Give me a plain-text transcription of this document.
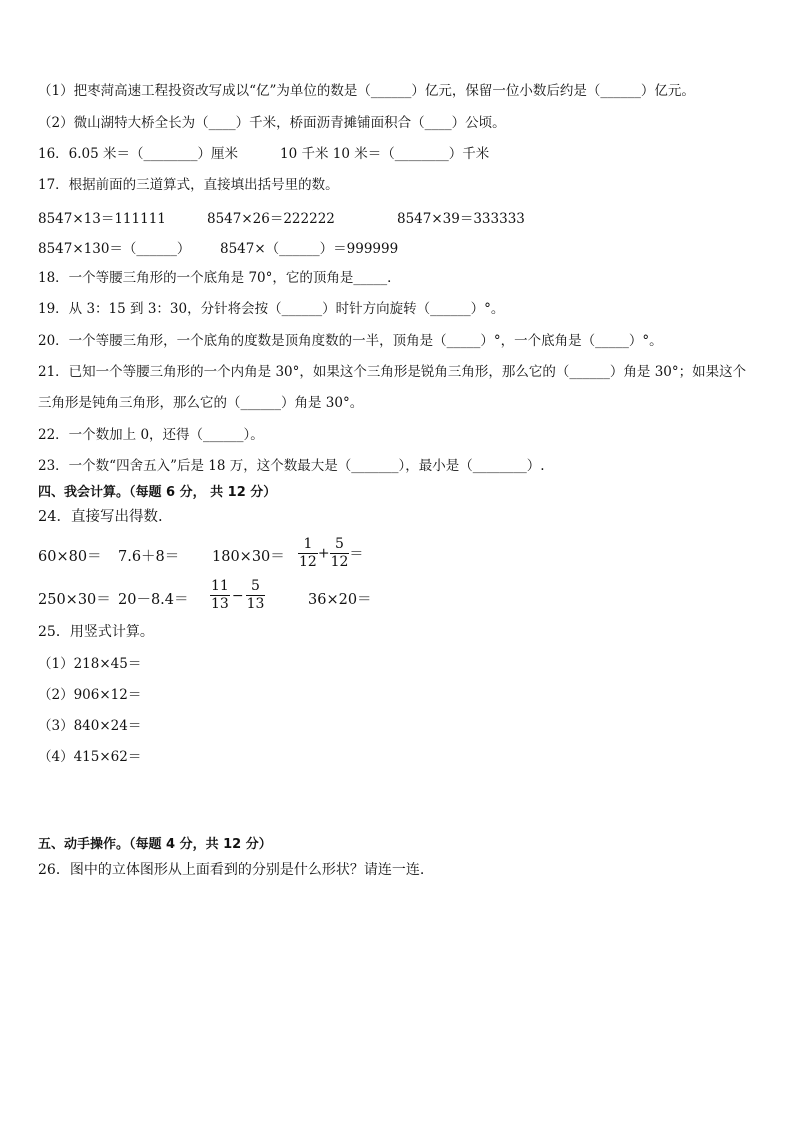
（1）把枣菏高速工程投资改写成以“亿”为单位的数是（______）亿元，保留一位小数后约是（______）亿元。
（2）微山湖特大桥全长为（____）千米，桥面沥青摊铺面积合（____）公顷。
16．6.05 米＝（________）厘米	10 千米 10 米＝（________）千米
17．根据前面的三道算式，直接填出括号里的数。
8547×13＝111111	8547×26＝222222	8547×39＝333333
8547×130＝（______） 8547×（______）＝999999
18．一个等腰三角形的一个底角是 70°，它的顶角是_____．
19．从 3：15 到 3：30，分针将会按（______）时针方向旋转（______）°。
20．一个等腰三角形，一个底角的度数是顶角度数的一半，顶角是（_____）°，一个底角是（_____）°。
21．已知一个等腰三角形的一个内角是 30°，如果这个三角形是锐角三角形，那么它的（______）角是 30°；如果这个
三角形是钝角三角形，那么它的（______）角是 30°。
22．一个数加上 0，还得（______）。
23．一个数“四舍五入”后是 18 万，这个数最大是（_______），最小是（________）.
四、我会计算。（每题 6 分， 共 12 分）
24．直接写出得数.
$60\times 80= 7.6+8= 180\times 30= \frac{1}{12} + \frac{5}{12}$ ＝
$250\times 30= 20-8.4= \frac{11}{13} - \frac{5}{13}$	36×20＝
25．用竖式计算。
（1）218×45＝
（2）906×12＝
（3）840×24＝
（4）415×62＝
五、动手操作。（每题 4 分，共 12 分）
26．图中的立体图形从上面看到的分别是什么形状？请连一连.
